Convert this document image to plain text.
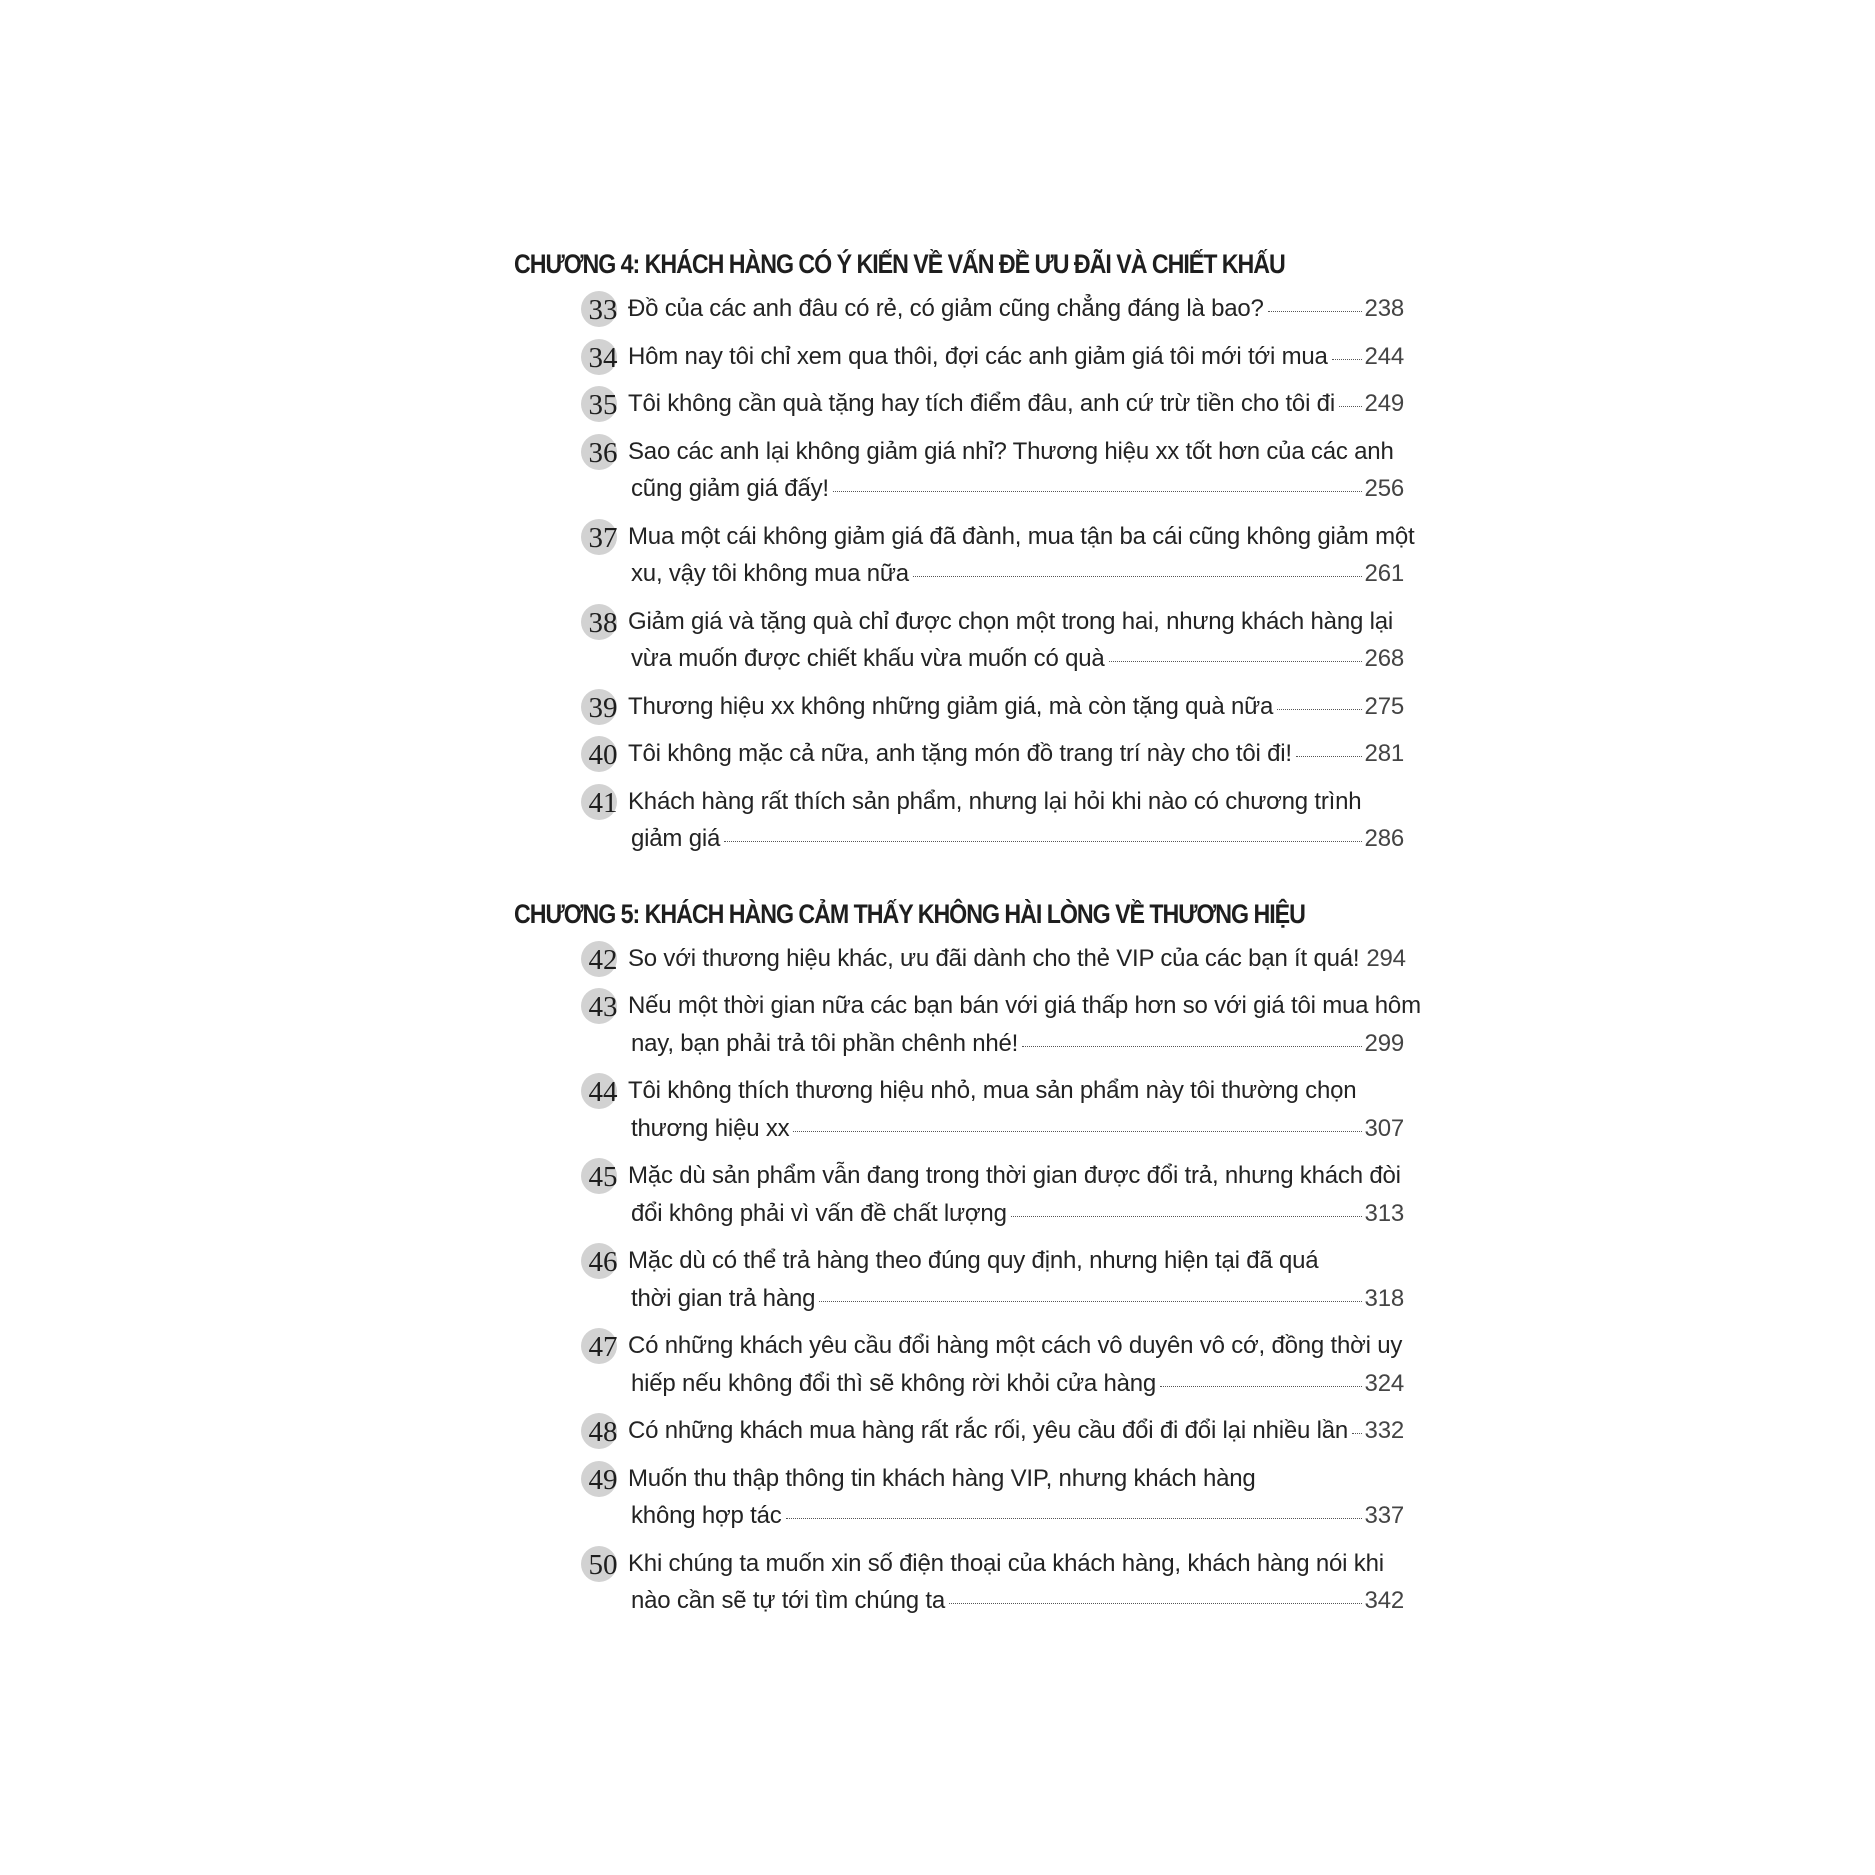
CHƯƠNG 4: KHÁCH HÀNG CÓ Ý KIẾN VỀ VẤN ĐỀ ƯU ĐÃI VÀ CHIẾT KHẤU
33 Đồ của các anh đâu có rẻ, có giảm cũng chẳng đáng là bao?	238
34 Hôm nay tôi chỉ xem qua thôi, đợi các anh giảm giá tôi mới tới mua 244
35 Tôi không cần quà tặng hay tích điểm đâu, anh cứ trừ tiền cho tôi đi 249
36 Sao các anh lại không giảm giá nhỉ? Thương hiệu xx tốt hơn của các anh
cũng giảm giá đấy!	256
37 Mua một cái không giảm giá đã đành, mua tận ba cái cũng không giảm một
xu, vậy tôi không mua nữa	261
38 Giảm giá và tặng quà chỉ được chọn một trong hai, nhưng khách hàng lại
vừa muốn được chiết khấu vừa muốn có quà	268
39 Thương hiệu xx không những giảm giá, mà còn tặng quà nữa	275
40 Tôi không mặc cả nữa, anh tặng món đồ trang trí này cho tôi đi!	281
41 Khách hàng rất thích sản phẩm, nhưng lại hỏi khi nào có chương trình
giảm giá	286
CHƯƠNG 5: KHÁCH HÀNG CẢM THẤY KHÔNG HÀI LÒNG VỀ THƯƠNG HIỆU
42 So với thương hiệu khác, ưu đãi dành cho thẻ VIP của các bạn ít quá! 294
43 Nếu một thời gian nữa các bạn bán với giá thấp hơn so với giá tôi mua hôm
nay, bạn phải trả tôi phần chênh nhé!	299
44 Tôi không thích thương hiệu nhỏ, mua sản phẩm này tôi thường chọn
thương hiệu xx	307
45 Mặc dù sản phẩm vẫn đang trong thời gian được đổi trả, nhưng khách đòi
đổi không phải vì vấn đề chất lượng	313
46 Mặc dù có thể trả hàng theo đúng quy định, nhưng hiện tại đã quá
thời gian trả hàng	318
47 Có những khách yêu cầu đổi hàng một cách vô duyên vô cớ, đồng thời uy
hiếp nếu không đổi thì sẽ không rời khỏi cửa hàng	324
48 Có những khách mua hàng rất rắc rối, yêu cầu đổi đi đổi lại nhiều lần 332
49 Muốn thu thập thông tin khách hàng VIP, nhưng khách hàng
không hợp tác	337
50 Khi chúng ta muốn xin số điện thoại của khách hàng, khách hàng nói khi
nào cần sẽ tự tới tìm chúng ta	342
